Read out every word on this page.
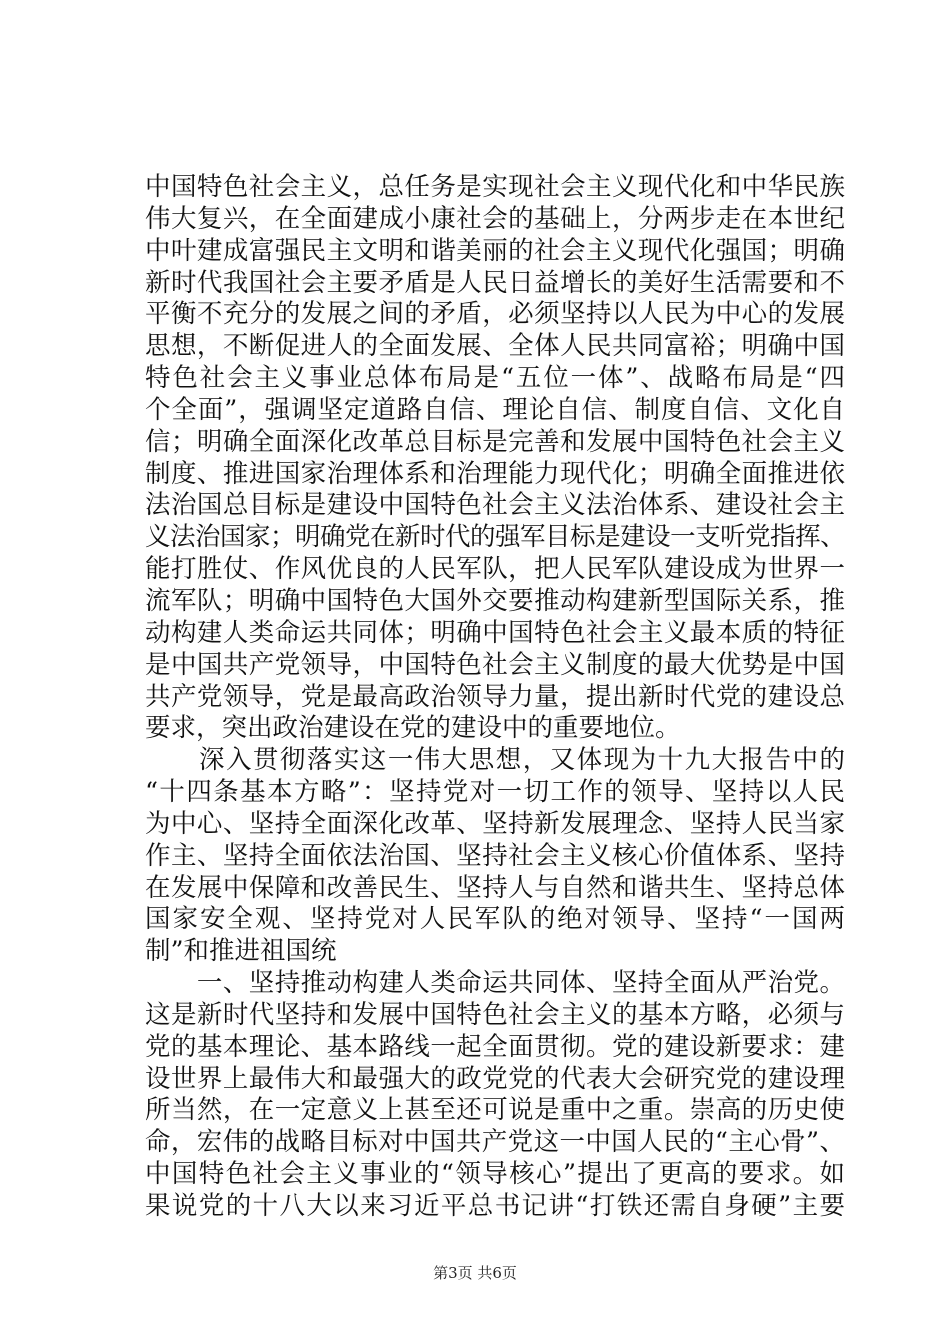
中国特色社会主义，总任务是实现社会主义现代化和中华民族
伟大复兴，在全面建成小康社会的基础上，分两步走在本世纪
中叶建成富强民主文明和谐美丽的社会主义现代化强国；明确
新时代我国社会主要矛盾是人民日益增长的美好生活需要和不
平衡不充分的发展之间的矛盾，必须坚持以人民为中心的发展
思想，不断促进人的全面发展、全体人民共同富裕；明确中国
特色社会主义事业总体布局是“五位一体”、战略布局是“四
个全面”，强调坚定道路自信、理论自信、制度自信、文化自
信；明确全面深化改革总目标是完善和发展中国特色社会主义
制度、推进国家治理体系和治理能力现代化；明确全面推进依
法治国总目标是建设中国特色社会主义法治体系、建设社会主
义法治国家；明确党在新时代的强军目标是建设一支听党指挥、
能打胜仗、作风优良的人民军队，把人民军队建设成为世界一
流军队；明确中国特色大国外交要推动构建新型国际关系，推
动构建人类命运共同体；明确中国特色社会主义最本质的特征
是中国共产党领导，中国特色社会主义制度的最大优势是中国
共产党领导，党是最高政治领导力量，提出新时代党的建设总
要求，突出政治建设在党的建设中的重要地位。
　　深入贯彻落实这一伟大思想，又体现为十九大报告中的
“十四条基本方略”：坚持党对一切工作的领导、坚持以人民
为中心、坚持全面深化改革、坚持新发展理念、坚持人民当家
作主、坚持全面依法治国、坚持社会主义核心价值体系、坚持
在发展中保障和改善民生、坚持人与自然和谐共生、坚持总体
国家安全观、坚持党对人民军队的绝对领导、坚持“一国两
制”和推进祖国统
　　一、坚持推动构建人类命运共同体、坚持全面从严治党。
这是新时代坚持和发展中国特色社会主义的基本方略，必须与
党的基本理论、基本路线一起全面贯彻。党的建设新要求：建
设世界上最伟大和最强大的政党党的代表大会研究党的建设理
所当然，在一定意义上甚至还可说是重中之重。崇高的历史使
命，宏伟的战略目标对中国共产党这一中国人民的“主心骨”、
中国特色社会主义事业的“领导核心”提出了更高的要求。如
果说党的十八大以来习近平总书记讲“打铁还需自身硬”主要
第3页 共6页
